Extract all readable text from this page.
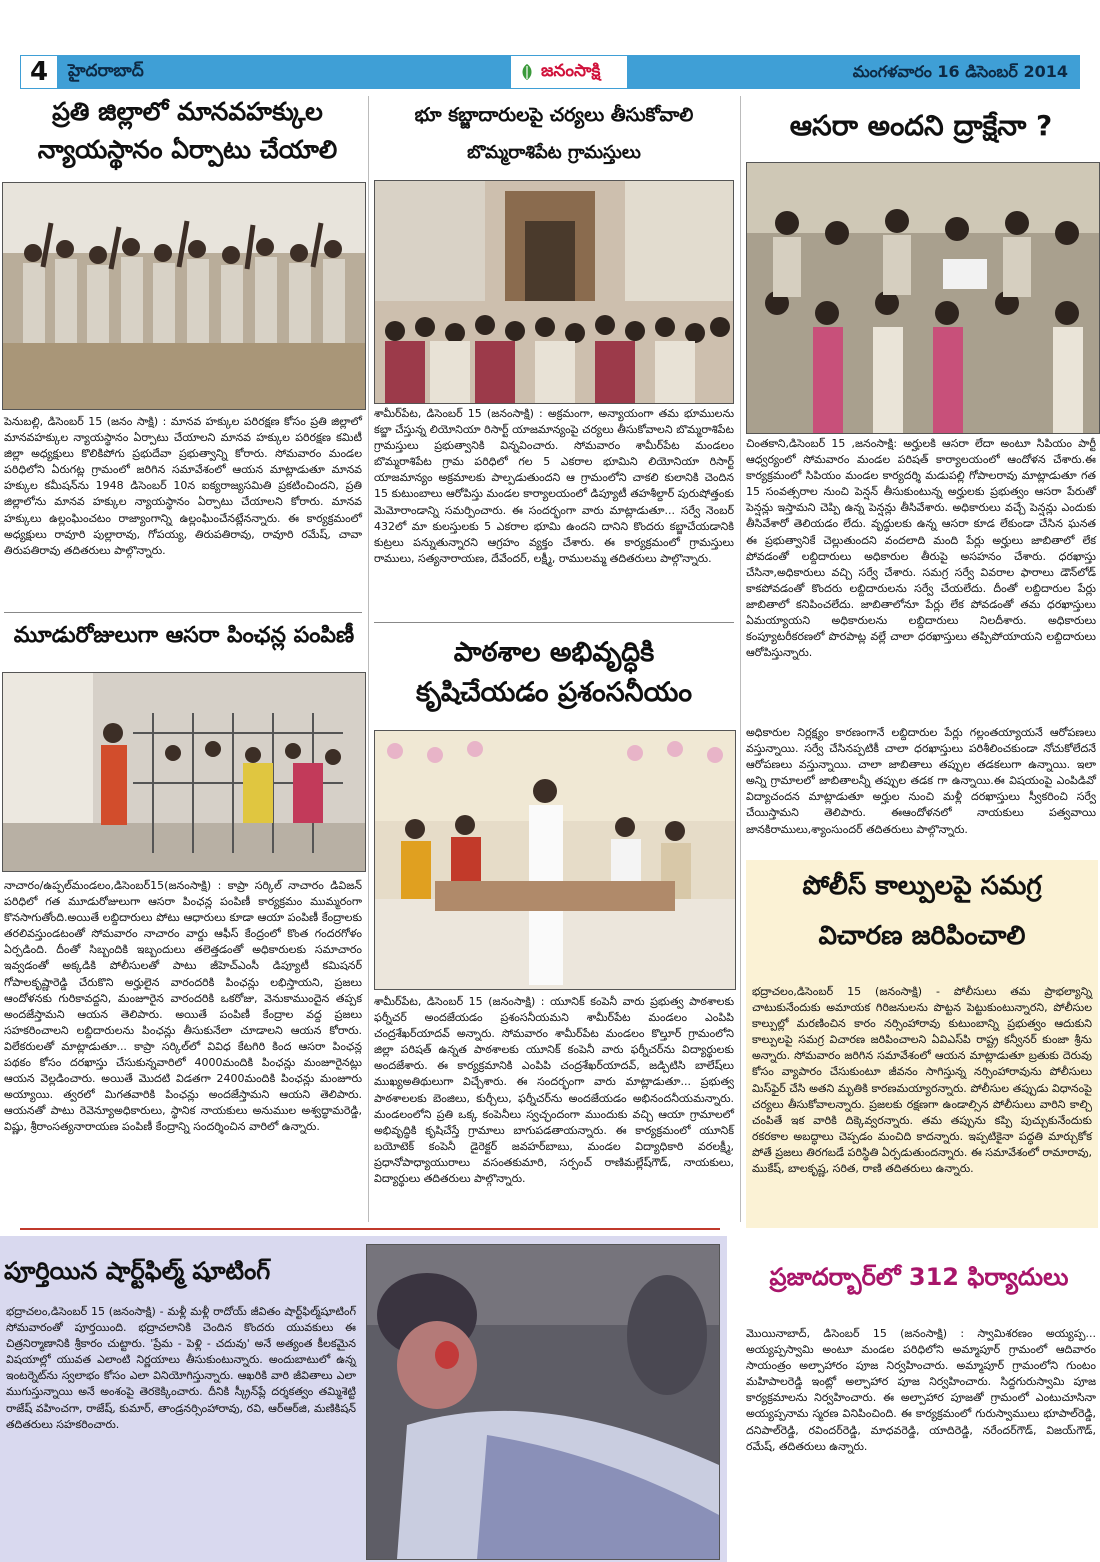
4	హైదరాబాద్	జనంసాక్షి	మంగళవారం 16 డిసెంబర్ 2014
ప్రతి జిల్లాలో మానవహక్కుల
న్యాయస్థానం ఏర్పాటు చేయాలి

పెనుబల్లి, డిసెంబర్ 15 (జనం సాక్షి) : మానవ హక్కుల పరిరక్షణ కోసం ప్రతి జిల్లాలో మానవహక్కుల న్యాయస్థానం ఏర్పాటు చేయాలని మానవ హక్కుల పరిరక్షణ కమిటీ జిల్లా అధ్యక్షులు కొలికిపోగు ప్రభుదేవా ప్రభుత్వాన్ని కోరారు. సోమవారం మండల పరిధిలోని ఏరుగట్ల గ్రామంలో జరిగిన సమావేశంలో ఆయన మాట్లాడుతూ మానవ హక్కుల కమీషన్‌ను 1948 డిసెంబర్ 10న ఐక్యరాజ్యసమితి ప్రకటించిందని, ప్రతి జిల్లాలోను మానవ హక్కుల న్యాయస్థానం ఏర్పాటు చేయాలని కోరారు. మానవ హక్కులు ఉల్లంఘించటం రాజ్యాంగాన్ని ఉల్లంఘించేనట్లేనన్నారు. ఈ కార్యక్రమంలో అధ్యక్షులు రావూరి పుల్లారావు, గోపయ్య, తిరుపతిరావు, రావూరి రమేష్, చావా తిరుపతిరావు తదితరులు పాల్గొన్నారు.

మూడురోజులుగా ఆసరా పింఛన్ల పంపిణీ

నాచారం/ఉప్పల్‌మండలం,డిసెంబర్15(జనంసాక్షి) : కాప్రా సర్కిల్ నాచారం డివిజన్ పరిధిలో గత మూడురోజులుగా ఆసరా పింఛన్ల పంపిణీ కార్యక్రమం ముమ్మరంగా కొనసాగుతోంది.అయితే లబ్దిదారులు పోటు ఆధారులు కూడా ఆయా పంపిణీ కేంద్రాలకు తరలివస్తుండటంతో సోమవారం నాచారం వార్డు ఆఫీస్ కేంద్రంలో కొంత గందరగోళం ఏర్పడింది. దీంతో సిబ్బందికి ఇబ్బందులు తలెత్తడంతో అధికారులకు సమాచారం ఇవ్వడంతో అక్కడికి పోలీసులతో పాటు జీహెచ్ఎంసీ డిప్యూటీ కమిషనర్ గోపాలకృష్ణారెడ్డి చేరుకొని అర్హులైన వారందరికి పింఛన్లు లభిస్తాయని, ప్రజలు ఆందోళనకు గురికావద్దని, మంజూరైన వారందరికి ఒకరోజు, వెనుకాముందైన తప్పక అందజేస్తామని ఆయన తెలిపారు. అయితే పంపిణీ కేంద్రాల వద్ద ప్రజలు సహకరించాలని లబ్దిదారులను పింఛన్లు తీసుకునేలా చూడాలని ఆయన కోరారు. విలేకరులతో మాట్లాడుతూ... కాప్రా సర్కిల్‌లో వివిధ కేటగిరి కింద ఆసరా పింఛన్ల పథకం కోసం దరఖాస్తు చేసుకున్నవారిలో 4000మందికి పింఛన్లు మంజూరైనట్లు ఆయన వెల్లడించారు. అయితే మొదటి విడతగా 2400మందికి పింఛన్లు మంజూరు అయ్యాయి. త్వరలో మిగతవారికి పింఛన్లు అందజేస్తామని ఆయని తెలిపారు. ఆయనతో పాటు రెవెన్యూఅధికారులు, స్థానిక నాయకులు అనుముల అశ్వద్ధామరెడ్డి, విష్ణు, శ్రీరాంసత్యనారాయణ పంపిణీ కేంద్రాన్ని సందర్శించిన వారిలో ఉన్నారు.

భూ కబ్జాదారులపై చర్యలు తీసుకోవాలి
బొమ్మరాశిపేట గ్రామస్తులు

శామీర్‌పేట, డిసెంబర్ 15 (జనంసాక్షి) : అక్రమంగా, అన్యాయంగా తమ భూములను కబ్జా చేస్తున్న లియోనియా రిసార్ట్ యాజమాన్యంపై చర్యలు తీసుకోవాలని బొమ్మరాశిపేట గ్రామస్తులు ప్రభుత్వానికి విన్నవించారు. సోమవారం శామీర్‌పేట మండలం బొమ్మరాశిపేట గ్రామ పరిధిలో గల 5 ఎకరాల భూమిని లియోనియా రిసార్ట్ యాజమాన్యం అక్రమాలకు పాల్పడుతుందని ఆ గ్రామంలోని చాకలి కులానికి చెందిన 15 కుటుంబాలు ఆరోపిస్తు మండల కార్యాలయంలో డిప్యూటీ తహశీల్దార్ పురుషోత్తంకు మెమోరాండాన్ని సమర్పించారు. ఈ సందర్భంగా వారు మాట్లాడుతూ... సర్వే నెంబర్ 432లో మా కులస్తులకు 5 ఎకరాల భూమి ఉందని దానిని కొందరు కబ్జాచేయడానికి కుట్రలు పన్నుతున్నారని ఆగ్రహం వ్యక్తం చేశారు. ఈ కార్యక్రమంలో గ్రామస్తులు రాములు, సత్యనారాయణ, దేవేందర్, లక్ష్మీ, రాములమ్మ తదితరులు పాల్గొన్నారు.

పాఠశాల అభివృద్ధికి
కృషిచేయడం ప్రశంసనీయం

శామీర్‌పేట, డిసెంబర్ 15 (జనంసాక్షి) : యూనిక్ కంపెనీ వారు ప్రభుత్వ పాఠశాలకు ఫర్నీచర్ అందజేయడం ప్రశంసనీయమని శామీర్‌పేట మండలం ఎంపిపి చంద్రశేఖర్‌యాదవ్ అన్నారు. సోమవారం శామీర్‌పేట మండలం కొల్తూర్ గ్రామంలోని జిల్లా పరిషత్ ఉన్నత పాఠశాలకు యూనిక్ కంపెనీ వారు ఫర్నీచర్‌ను విద్యార్థులకు అందజేశారు. ఈ కార్యక్రమానికి ఎంపిపి చంద్రశేఖర్‌యాదవ్, జడ్పిటిసి బాలేష్‌లు ముఖ్యఅతిథులుగా విచ్చేశారు. ఈ సందర్భంగా వారు మాట్లాడుతూ... ప్రభుత్వ పాఠశాలలకు బెంజిలు, కుర్చీలు, ఫర్నీచర్‌ను అందజేయడం అభినందనీయమన్నారు. మండలంలోని ప్రతి ఒక్క కంపెనీలు స్వచ్ఛందంగా ముందుకు వచ్చి ఆయా గ్రామాలలో అభివృద్ధికి కృషిచేస్తే గ్రామాలు బాగుపడతాయన్నారు. ఈ కార్యక్రమంలో యూనిక్ బయోటెక్ కంపెనీ డైరెక్టర్ జవహర్‌బాబు, మండల విద్యాధికారి వరలక్ష్మీ, ప్రధానోపాధ్యాయురాలు వసంతకుమారి, సర్పంచ్ రాణిమల్లేష్‌గౌడ్, నాయకులు, విద్యార్థులు తదితరులు పాల్గొన్నారు.

ఆసరా అందని ద్రాక్షేనా ?

చింతకాని,డిసెంబర్ 15 ,జనంసాక్షి: అర్హులకి ఆసరా లేదా అంటూ సిపియం పార్టీ ఆధ్వర్యంలో సోమవారం మండల పరిషత్ కార్యాలయంలో ఆందోళన చేశారు.ఈ కార్యక్రమంలో సిపియం మండల కార్యదర్శి మడుపల్లి గోపాలరావు మాట్లాడుతూ గత 15 సంవత్సరాల నుంచి పెన్షన్ తీసుకుంటున్న అర్హులకు ప్రభుత్వం ఆసరా పేరుతో పెన్షన్లు ఇస్తామని చెప్పి ఉన్న పెన్షన్లు తీసివేశారు. అధికారులు వచ్చే పెన్షన్లు ఎందుకు తీసివేశారో తెలియడం లేదు. వృద్ధులకు ఉన్న ఆసరా కూడ లేకుండా చేసిన ఘనత ఈ ప్రభుత్వానికే చెల్లుతుందని వందలాది మంది పేర్లు అర్హులు జాబితాలో లేక పోవడంతో లబ్దిదారులు అధికారుల తీరుపై అసహనం చేశారు. ధరఖాస్తు చేసినా,అధికారులు వచ్చి సర్వే చేశారు. సమగ్ర సర్వే వివరాల ఫారాలు డౌన్‌లోడ్ కాకపోవడంతో కొందరు లబ్దిదారులను సర్వే చేయలేదు. దీంతో లబ్దిదారుల పేర్లు జాబితాలో కనిపించలేదు. జాబితాలోనూ పేర్లు లేక పోవడంతో తమ ధరఖాస్తులు ఏమయ్యాయని అధికారులను లబ్దిదారులు నిలదీశారు. అధికారులు కంప్యూటరీకరణలో పొరపాట్ల వల్లే చాలా ధరఖాస్తులు తప్పిపోయాయని లబ్దిదారులు ఆరోపిస్తున్నారు.

అధికారుల నిర్లక్ష్యం కారణంగానే లబ్దిదారుల పేర్లు గల్లంతయ్యాయనే ఆరోపణలు వస్తున్నాయి. సర్వే చేసినప్పటికీ చాలా ధరఖాస్తులు పరిశీలించకుండా నోచుకోలేదనే ఆరోపణలు వస్తున్నాయి. చాలా జాబితాలు తప్పుల తడకలుగా ఉన్నాయి. ఇలా అన్ని గ్రామాలలో జాబితాలన్నీ తప్పుల తడక గా ఉన్నాయి.ఈ విషయంపై ఎంపిడివో విద్యాచందన మాట్లాడుతూ అర్హుల నుంచి మళ్లీ దరఖాస్తులు స్వీకరించి సర్వే చేయిస్తామని తెలిపారు. ఈఆందోళనలో నాయకులు పత్వవాయి జానకిరాములు,శ్యాంసుందర్ తదితరులు పాల్గొన్నారు.

పోలీస్ కాల్పులపై సమగ్ర
విచారణ జరిపించాలి

భద్రాచలం,డిసెంబర్ 15 (జనంసాక్షి) - పోలీసులు తమ ప్రాభల్యాన్ని చాటుకునేందుకు అమాయక గిరిజనులను పొట్టన పెట్టుకుంటున్నారని, పోలీసుల కాల్పుల్లో మరణించిన కారం నర్సింహారావు కుటుంబాన్ని ప్రభుత్వం ఆదుకుని కాల్పులపై సమగ్ర విచారణ జరిపించాలని ఏవిఎస్‌పి రాష్ట్ర కన్వీనర్ కుంజా శ్రీను అన్నారు. సోమవారం జరిగిన సమావేశంలో ఆయన మాట్లాడుతూ బ్రతుకు దెరువు కోసం వ్యాపారం చేసుకుంటూ జీవనం సాగిస్తున్న నర్సింహారావును పోలీసులు మిస్‌ఫైర్ చేసి అతని మృతికి కారణమయ్యారన్నారు. పోలీసుల తప్పుడు విధానంపై చర్యలు తీసుకోవాలన్నారు. ప్రజలకు రక్షణగా ఉండాల్సిన పోలీసులు వారిని కాల్చి చంపితే ఇక వారికి దిక్కెవ్వరన్నారు. తమ తప్పును కప్పి పుచ్చుకునేందుకు రకరకాల అబద్ధాలు చెప్పడం మంచిది కాదన్నారు. ఇప్పటికైనా పద్ధతి మార్చుకోక పోతే ప్రజలు తిరగబడే పరిస్థితి ఏర్పడుతుందన్నారు. ఈ సమావేశంలో రామారావు, ముకేష్, బాలకృష్ణ, సరిత, రాణి తదితరులు ఉన్నారు.

పూర్తియిన షార్ట్‌ఫిల్మ్ షూటింగ్

భద్రాచలం,డిసెంబర్ 15 (జనంసాక్షి) - మళ్లీ మళ్లీ రాదోయ్ జీవితం షార్ట్‌ఫిల్మ్‌షూటింగ్ సోమవారంతో పూర్తయింది. భద్రాచలానికి చెందిన కొందరు యువకులు ఈ చిత్రనిర్మాణానికి శ్రీకారం చుట్టారు. 'ప్రేమ - పెళ్లి - చదువు' అనే అత్యంత కీలకమైన విషయాల్లో యువత ఎలాంటి నిర్ణయాలు తీసుకుంటున్నారు. అందుబాటులో ఉన్న ఇంటర్నెట్‌ను స్వలాభం కోసం ఎలా వినియోగిస్తున్నారు. ఆఖరికి వారి జీవితాలు ఎలా ముగుస్తున్నాయి అనే అంశంపై తెరకెక్కించారు. దీనికి స్క్రీన్‌ప్లే దర్శకత్వం తమ్మిశెట్టి రాజేష్ వహించగా, రాజేష్, కుమార్, తాండ్రనర్సింహారావు, రవి, ఆర్‌ఆర్‌జి, మణికిషన్ తదితరులు సహకరించారు.

ప్రజాదర్బార్‌లో 312 ఫిర్యాదులు

మొయినాబాద్, డిసెంబర్ 15 (జనంసాక్షి) : స్వామిశరణం అయ్యప్ప... అయ్యప్పస్వామి అంటూ మండల పరిధిలోని అమ్మాపూర్ గ్రామంలో ఆదివారం సాయంత్రం అల్పాహారం పూజ నిర్వహించారు. అమ్మాపూర్ గ్రామంలోని గుంటం మహిపాలరెడ్డి ఇంట్లో అల్పాహార పూజ నిర్వహించారు. సిద్దగురుస్వామి పూజ కార్యక్రమాలను నిర్వహించారు. ఈ అల్పాహార పూజతో గ్రామంలో ఎంటుచూసినా అయ్యప్పనామ స్మరణ వినిపించింది. ఈ కార్యక్రమంలో గురుస్వాములు భూపాల్‌రెడ్డి, దనిపాల్‌రెడ్డి, రవిందర్‌రెడ్డి, మాధవరెడ్డి, యాదిరెడ్డి, నరేందర్‌గౌడ్, విజయ్‌గౌడ్, రమేష్, తదితరులు ఉన్నారు.
